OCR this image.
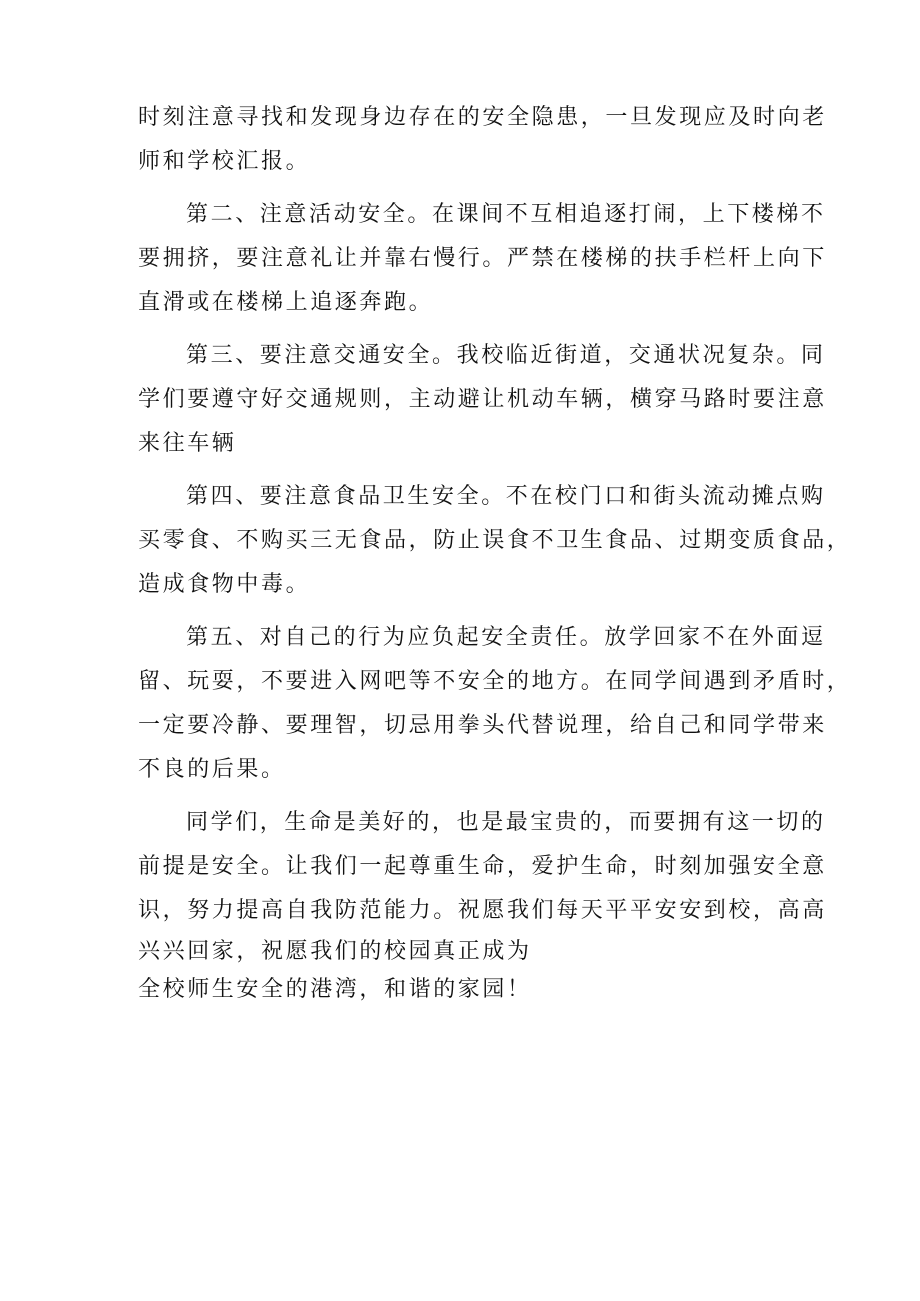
时刻注意寻找和发现身边存在的安全隐患，一旦发现应及时向老
师和学校汇报。
第二、注意活动安全。在课间不互相追逐打闹，上下楼梯不
要拥挤，要注意礼让并靠右慢行。严禁在楼梯的扶手栏杆上向下
直滑或在楼梯上追逐奔跑。
第三、要注意交通安全。我校临近街道，交通状况复杂。同
学们要遵守好交通规则，主动避让机动车辆，横穿马路时要注意
来往车辆
第四、要注意食品卫生安全。不在校门口和街头流动摊点购
买零食、不购买三无食品，防止误食不卫生食品、过期变质食品，
造成食物中毒。
第五、对自己的行为应负起安全责任。放学回家不在外面逗
留、玩耍，不要进入网吧等不安全的地方。在同学间遇到矛盾时，
一定要冷静、要理智，切忌用拳头代替说理，给自己和同学带来
不良的后果。
同学们，生命是美好的，也是最宝贵的，而要拥有这一切的
前提是安全。让我们一起尊重生命，爱护生命，时刻加强安全意
识，努力提高自我防范能力。祝愿我们每天平平安安到校，高高
兴兴回家，祝愿我们的校园真正成为
全校师生安全的港湾，和谐的家园！
